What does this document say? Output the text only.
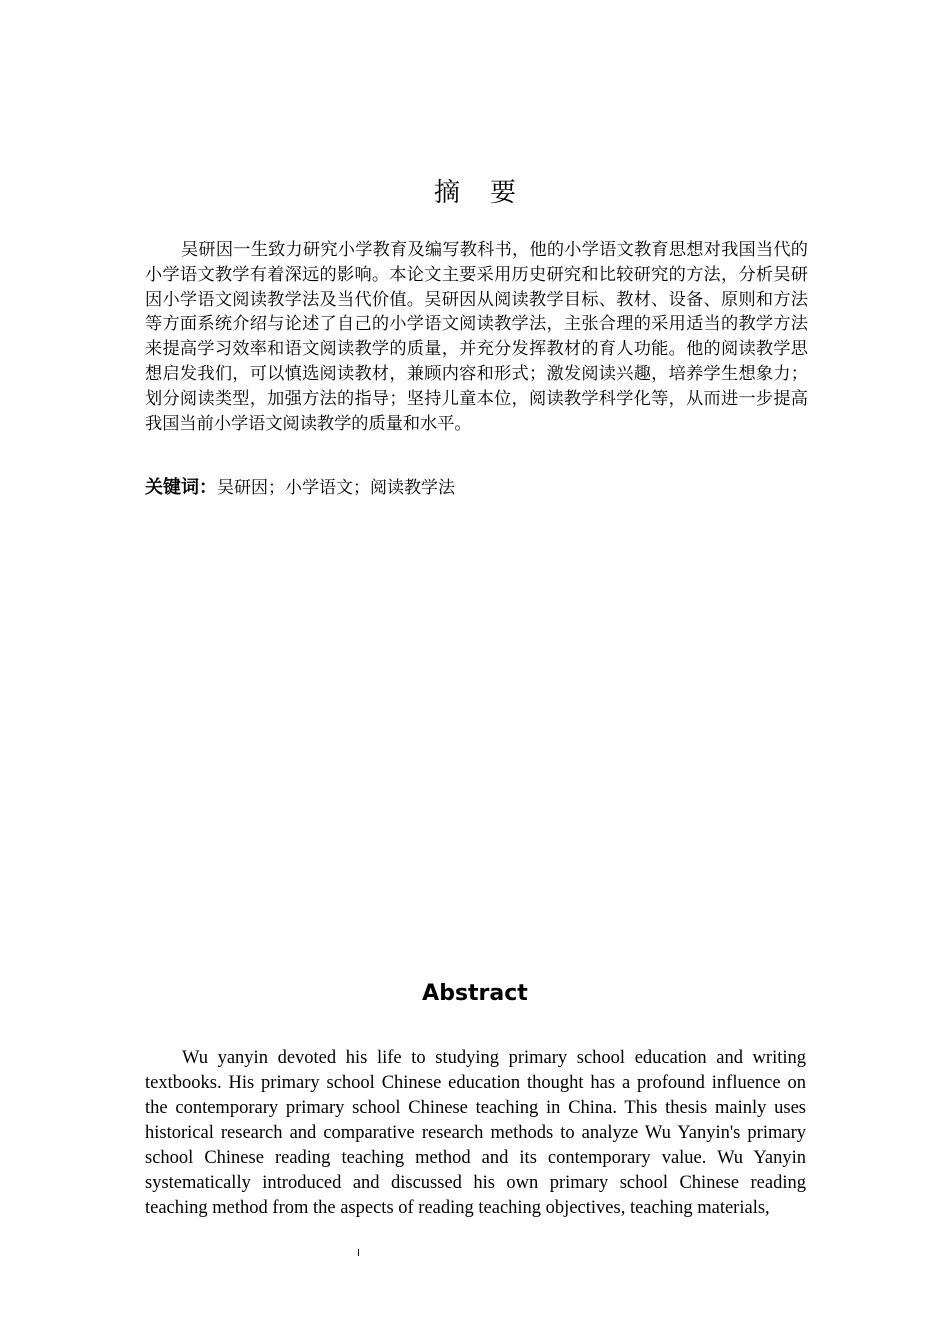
摘要

吴研因一生致力研究小学教育及编写教科书，他的小学语文教育思想对我国当代的小学语文教学有着深远的影响。本论文主要采用历史研究和比较研究的方法，分析吴研因小学语文阅读教学法及当代价值。吴研因从阅读教学目标、教材、设备、原则和方法等方面系统介绍与论述了自己的小学语文阅读教学法，主张合理的采用适当的教学方法来提高学习效率和语文阅读教学的质量，并充分发挥教材的育人功能。他的阅读教学思想启发我们，可以慎选阅读教材，兼顾内容和形式；激发阅读兴趣，培养学生想象力；划分阅读类型，加强方法的指导；坚持儿童本位，阅读教学科学化等，从而进一步提高我国当前小学语文阅读教学的质量和水平。

关键词：吴研因；小学语文；阅读教学法
Abstract

Wu yanyin devoted his life to studying primary school education and writing textbooks. His primary school Chinese education thought has a profound influence on the contemporary primary school Chinese teaching in China. This thesis mainly uses historical research and comparative research methods to analyze Wu Yanyin's primary school Chinese reading teaching method and its contemporary value. Wu Yanyin systematically introduced and discussed his own primary school Chinese reading teaching method from the aspects of reading teaching objectives, teaching materials,

I
